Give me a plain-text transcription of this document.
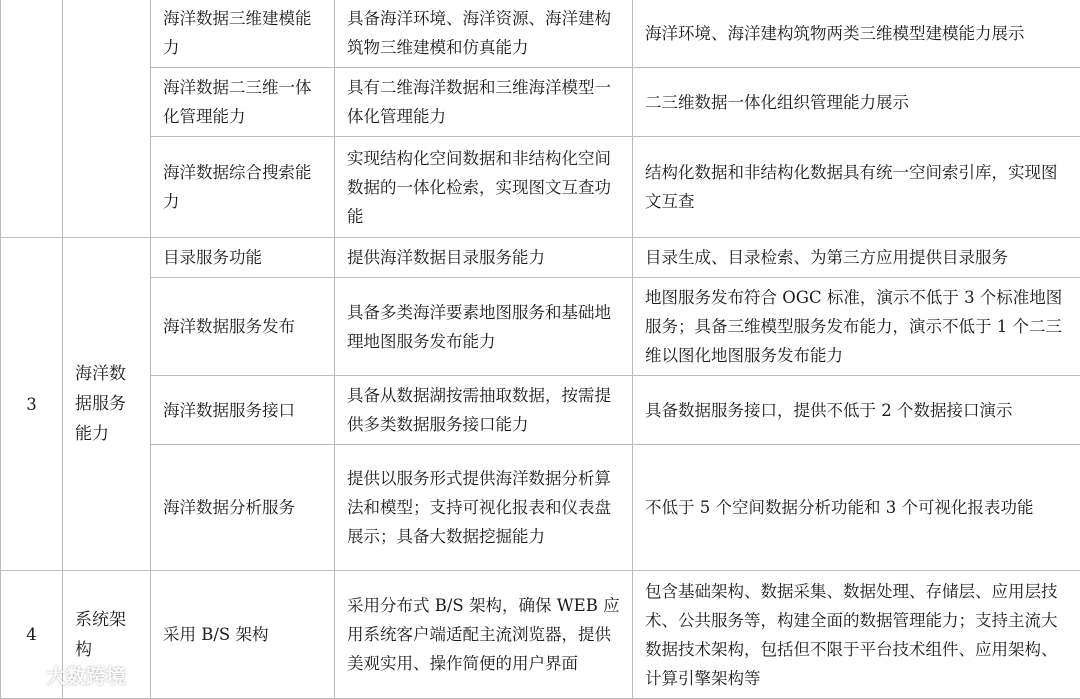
		海洋数据三维建模能力	具备海洋环境、海洋资源、海洋建构筑物三维建模和仿真能力	海洋环境、海洋建构筑物两类三维模型建模能力展示
		海洋数据二三维一体化管理能力	具有二维海洋数据和三维海洋模型一体化管理能力	二三维数据一体化组织管理能力展示
		海洋数据综合搜索能力	实现结构化空间数据和非结构化空间数据的一体化检索，实现图文互查功能	结构化数据和非结构化数据具有统一空间索引库，实现图文互查
3	海洋数据服务能力	目录服务功能	提供海洋数据目录服务能力	目录生成、目录检索、为第三方应用提供目录服务
		海洋数据服务发布	具备多类海洋要素地图服务和基础地理地图服务发布能力	地图服务发布符合 OGC 标准，演示不低于 3 个标准地图服务；具备三维模型服务发布能力，演示不低于 1 个二三维以图化地图服务发布能力
		海洋数据服务接口	具备从数据湖按需抽取数据，按需提供多类数据服务接口能力	具备数据服务接口，提供不低于 2 个数据接口演示
		海洋数据分析服务	提供以服务形式提供海洋数据分析算法和模型；支持可视化报表和仪表盘展示；具备大数据挖掘能力	不低于 5 个空间数据分析功能和 3 个可视化报表功能
4	系统架构	采用 B/S 架构	采用分布式 B/S 架构，确保 WEB 应用系统客户端适配主流浏览器，提供美观实用、操作简便的用户界面	包含基础架构、数据采集、数据处理、存储层、应用层技术、公共服务等，构建全面的数据管理能力；支持主流大数据技术架构，包括但不限于平台技术组件、应用架构、计算引擎架构等
大数跨境
